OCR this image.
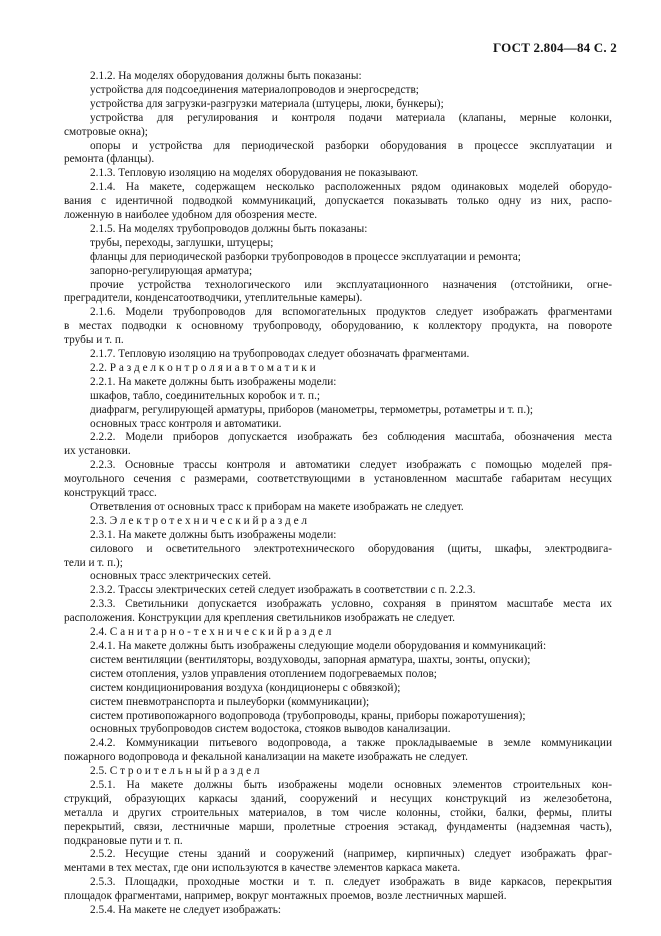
ГОСТ 2.804—84 С. 2
2.1.2. На моделях оборудования должны быть показаны:
устройства для подсоединения материалопроводов и энергосредств;
устройства для загрузки-разгрузки материала (штуцеры, люки, бункеры);
устройства для регулирования и контроля подачи материала (клапаны, мерные колонки,
смотровые окна);
опоры и устройства для периодической разборки оборудования в процессе эксплуатации и
ремонта (фланцы).
2.1.3. Тепловую изоляцию на моделях оборудования не показывают.
2.1.4. На макете, содержащем несколько расположенных рядом одинаковых моделей оборудо-
вания с идентичной подводкой коммуникаций, допускается показывать только одну из них, распо-
ложенную в наиболее удобном для обозрения месте.
2.1.5. На моделях трубопроводов должны быть показаны:
трубы, переходы, заглушки, штуцеры;
фланцы для периодической разборки трубопроводов в процессе эксплуатации и ремонта;
запорно-регулирующая арматура;
прочие устройства технологического или эксплуатационного назначения (отстойники, огне-
преградители, конденсатоотводчики, утеплительные камеры).
2.1.6. Модели трубопроводов для вспомогательных продуктов следует изображать фрагментами
в местах подводки к основному трубопроводу, оборудованию, к коллектору продукта, на повороте
трубы и т. п.
2.1.7. Тепловую изоляцию на трубопроводах следует обозначать фрагментами.
2.2. Р а з д е л к о н т р о л я и а в т о м а т и к и
2.2.1. На макете должны быть изображены модели:
шкафов, табло, соединительных коробок и т. п.;
диафрагм, регулирующей арматуры, приборов (манометры, термометры, ротаметры и т. п.);
основных трасс контроля и автоматики.
2.2.2. Модели приборов допускается изображать без соблюдения масштаба, обозначения места
их установки.
2.2.3. Основные трассы контроля и автоматики следует изображать с помощью моделей пря-
моугольного сечения с размерами, соответствующими в установленном масштабе габаритам несущих
конструкций трасс.
Ответвления от основных трасс к приборам на макете изображать не следует.
2.3. Э л е к т р о т е х н и ч е с к и й р а з д е л
2.3.1. На макете должны быть изображены модели:
силового и осветительного электротехнического оборудования (щиты, шкафы, электродвига-
тели и т. п.);
основных трасс электрических сетей.
2.3.2. Трассы электрических сетей следует изображать в соответствии с п. 2.2.3.
2.3.3. Светильники допускается изображать условно, сохраняя в принятом масштабе места их
расположения. Конструкции для крепления светильников изображать не следует.
2.4. С а н и т а р н о - т е х н и ч е с к и й р а з д е л
2.4.1. На макете должны быть изображены следующие модели оборудования и коммуникаций:
систем вентиляции (вентиляторы, воздуховоды, запорная арматура, шахты, зонты, опуски);
систем отопления, узлов управления отоплением подогреваемых полов;
систем кондиционирования воздуха (кондиционеры с обвязкой);
систем пневмотранспорта и пылеуборки (коммуникации);
систем противопожарного водопровода (трубопроводы, краны, приборы пожаротушения);
основных трубопроводов систем водостока, стояков выводов канализации.
2.4.2. Коммуникации питьевого водопровода, а также прокладываемые в земле коммуникации
пожарного водопровода и фекальной канализации на макете изображать не следует.
2.5. С т р о и т е л ь н ы й р а з д е л
2.5.1. На макете должны быть изображены модели основных элементов строительных кон-
струкций, образующих каркасы зданий, сооружений и несущих конструкций из железобетона,
металла и других строительных материалов, в том числе колонны, стойки, балки, фермы, плиты
перекрытий, связи, лестничные марши, пролетные строения эстакад, фундаменты (надземная часть),
подкрановые пути и т. п.
2.5.2. Несущие стены зданий и сооружений (например, кирпичных) следует изображать фраг-
ментами в тех местах, где они используются в качестве элементов каркаса макета.
2.5.3. Площадки, проходные мостки и т. п. следует изображать в виде каркасов, перекрытия
площадок фрагментами, например, вокруг монтажных проемов, возле лестничных маршей.
2.5.4. На макете не следует изображать:
